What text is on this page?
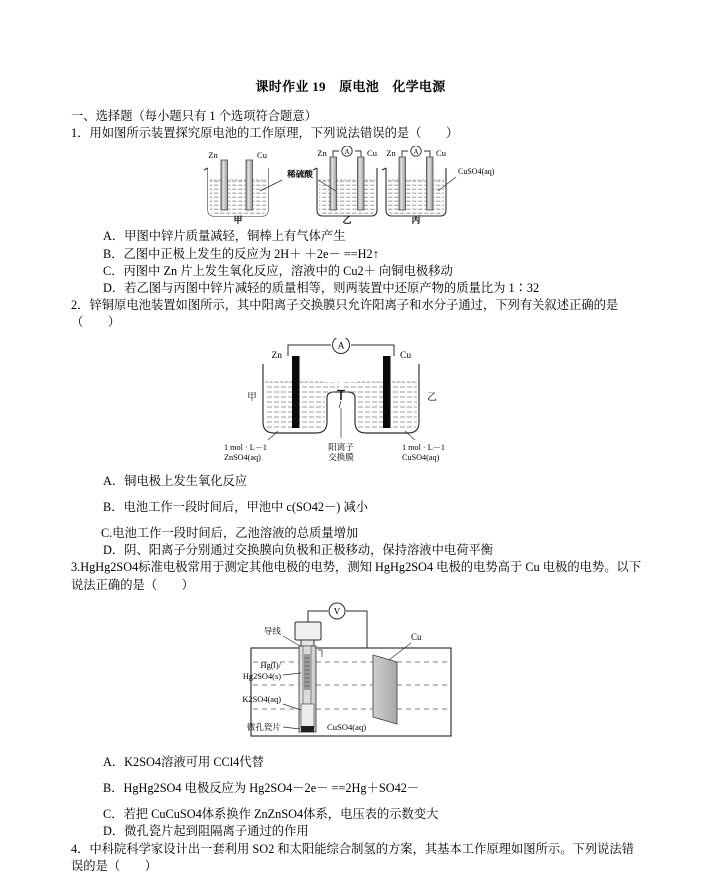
课时作业 19　原电池　化学电源
一、选择题（每小题只有 1 个选项符合题意）
1．用如图所示装置探究原电池的工作原理，下列说法错误的是（　　）
Zn	Cu
甲
A
Zn	Cu
乙
稀硫酸
A
Zn	Cu
丙
CuSO4(aq)
A．甲图中锌片质量减轻，铜棒上有气体产生
B．乙图中正极上发生的反应为 2H＋ ＋2e－ ==H2↑
C．丙图中 Zn 片上发生氧化反应，溶液中的 Cu2＋ 向铜电极移动
D．若乙图与丙图中锌片减轻的质量相等，则两装置中还原产物的质量比为 1∶32
2．锌铜原电池装置如图所示，其中阳离子交换膜只允许阳离子和水分子通过，下列有关叙述正确的是（　　）
A
阳离子
交换膜
Zn	Cu
甲	乙
1 mol · L－1
ZnSO4(aq)
1 mol · L－1
CuSO4(aq)
A．铜电极上发生氧化反应
B．电池工作一段时间后，甲池中 c(SO42－) 减小
C.电池工作一段时间后，乙池溶液的总质量增加
D．阴、阳离子分别通过交换膜向负极和正极移动，保持溶液中电荷平衡
3.HgHg2SO4标准电极常用于测定其他电极的电势，测知 HgHg2SO4 电极的电势高于 Cu 电极的电势。以下说法正确的是（　　）
V
导线
Hg(l)/
Hg2SO4(s)
K2SO4(aq)
微孔瓷片
Cu
CuSO4(aq)
A．K2SO4溶液可用 CCl4代替
B．HgHg2SO4 电极反应为 Hg2SO4－2e－ ==2Hg＋SO42－
C．若把 CuCuSO4体系换作 ZnZnSO4体系，电压表的示数变大
D．微孔瓷片起到阻隔离子通过的作用
4．中科院科学家设计出一套利用 SO2 和太阳能综合制氢的方案，其基本工作原理如图所示。下列说法错误的是（　　）
